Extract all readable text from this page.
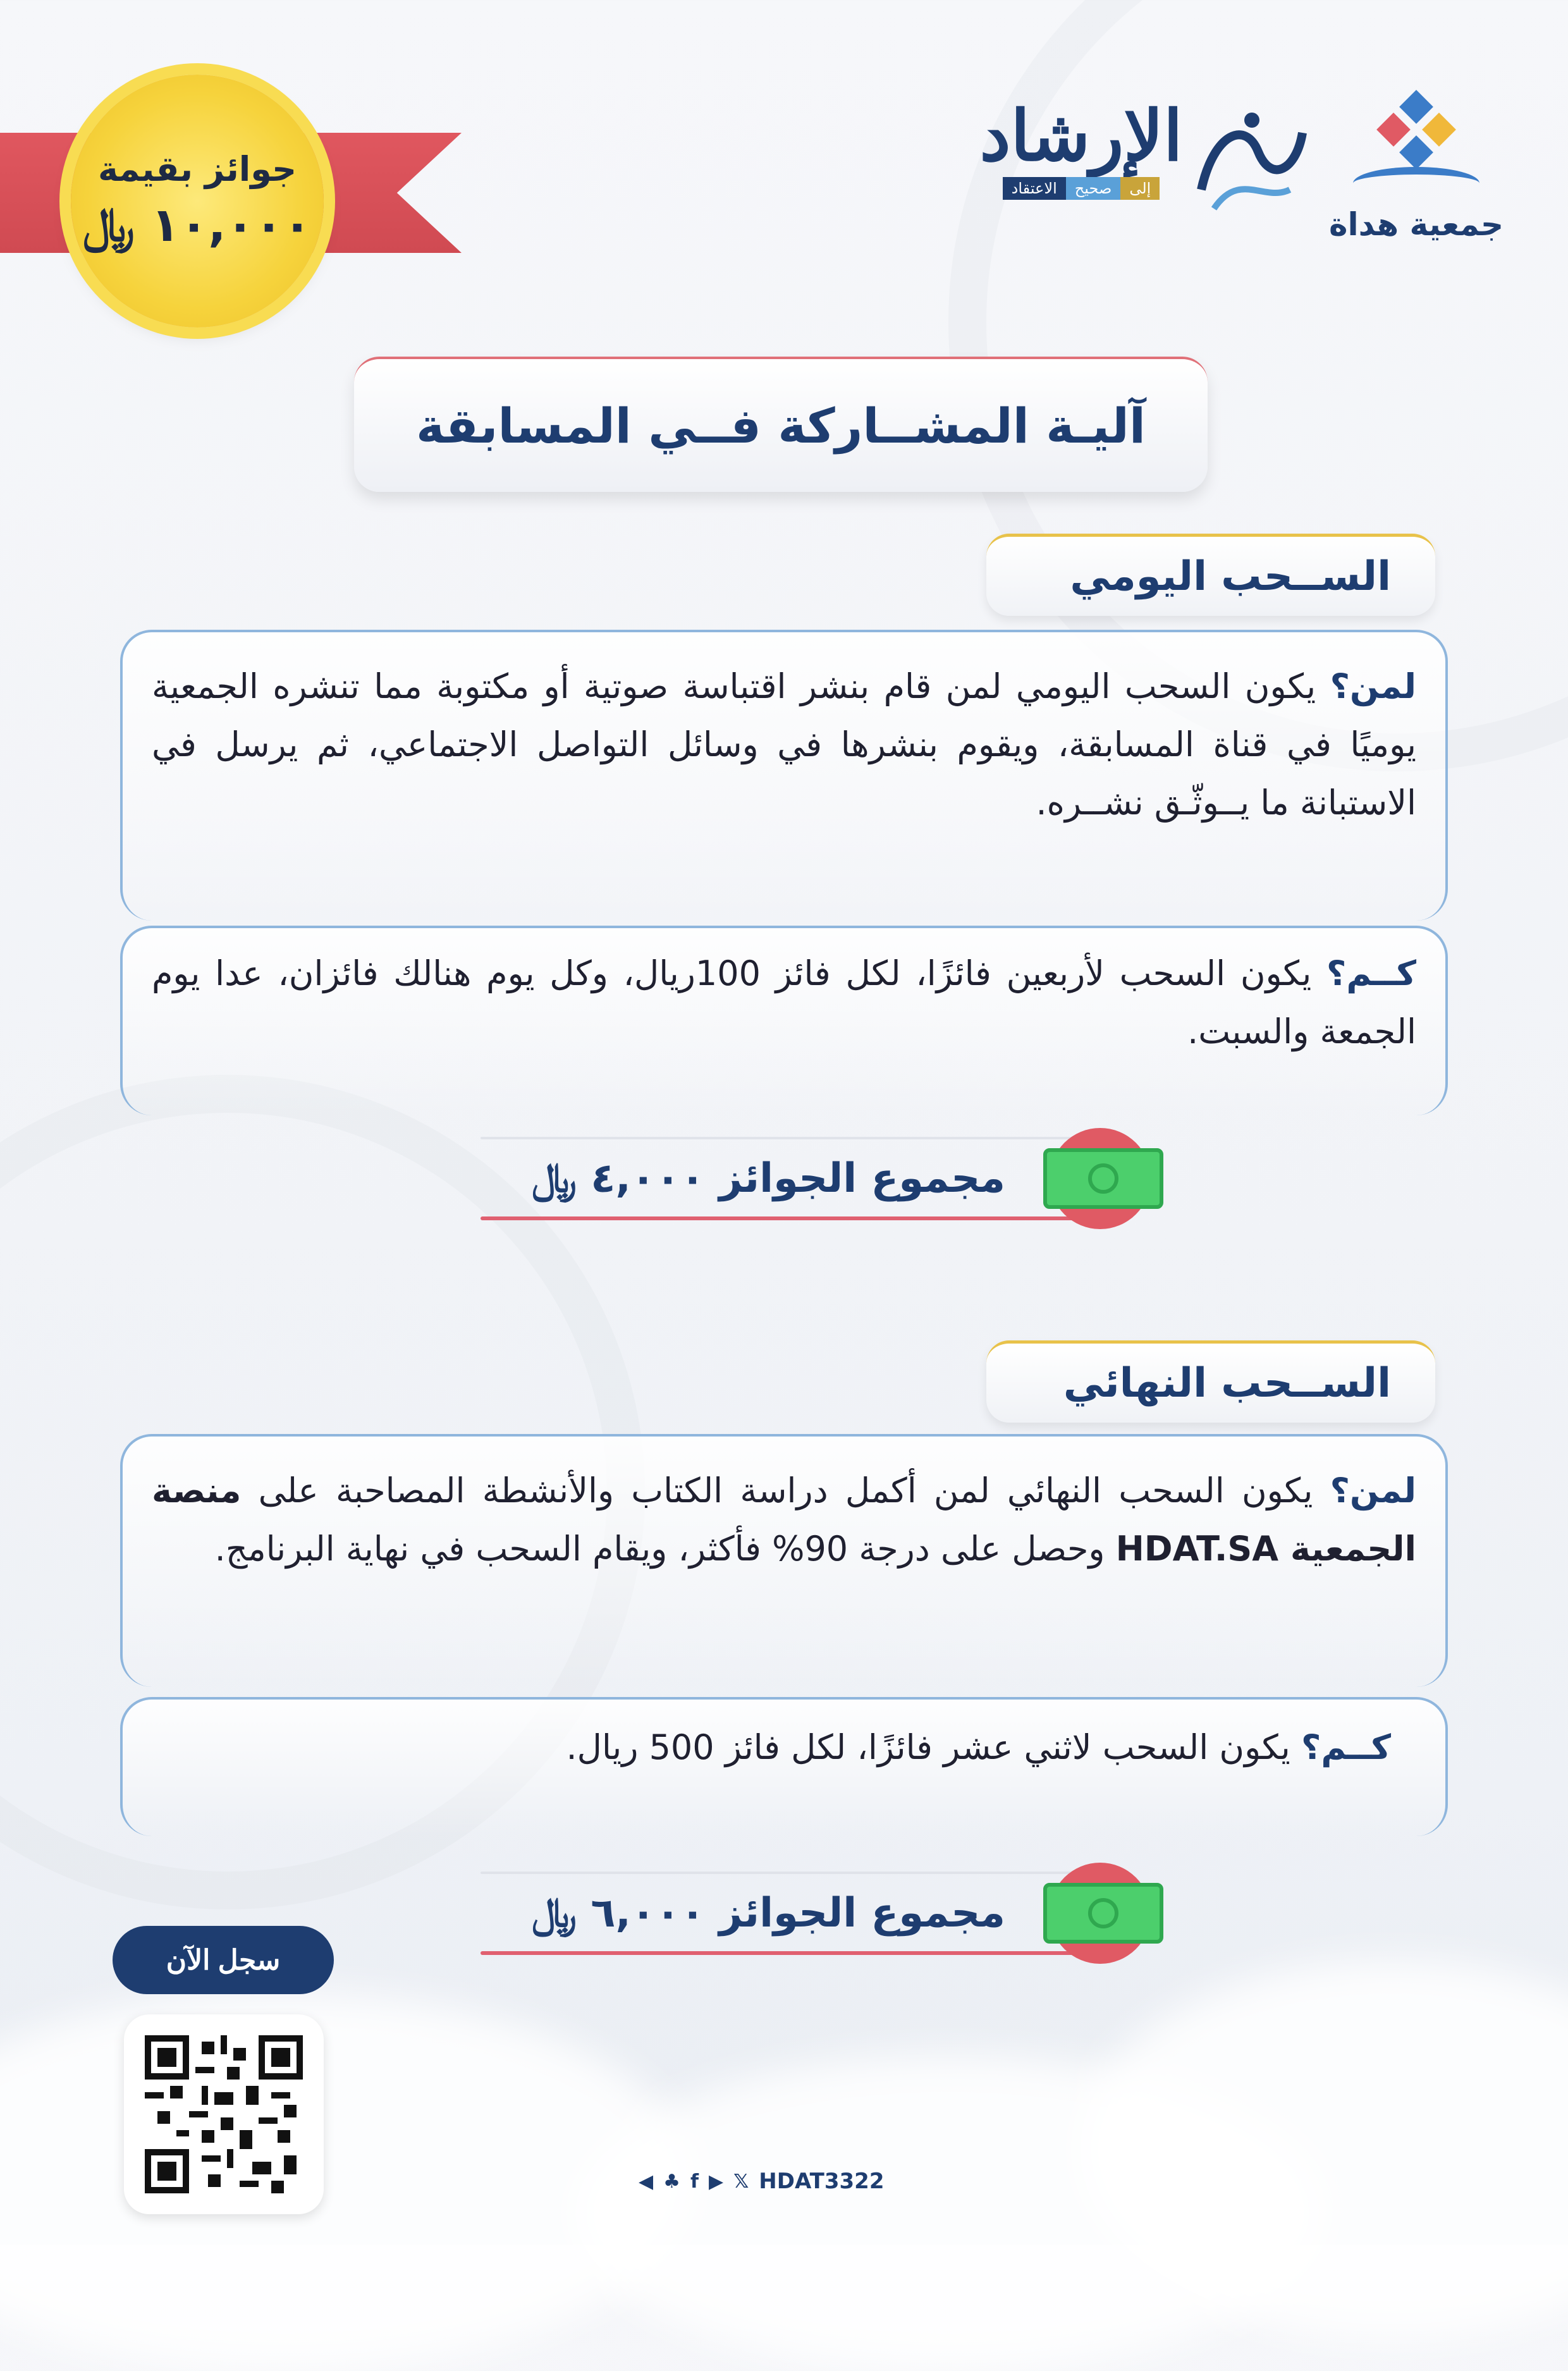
جوائز بقيمة
١٠,٠٠٠ ﷼	جمعية هداة
الإرشاد
الاعتقاد	صحيح	إلى
آليـة المشــاركة فــي المسابقة
الســحب اليومي

لمن؟ يكون السحب اليومي لمن قام بنشر اقتباسة صوتية أو مكتوبة مما تنشره الجمعية يوميًا في قناة المسابقة، ويقوم بنشرها في وسائل التواصل الاجتماعي، ثم يرسل في الاستبانة ما يــوثّـق نشــره.

كــم؟ يكون السحب لأربعين فائزًا، لكل فائز 100ريال، وكل يوم هنالك فائزان، عدا يوم الجمعة والسبت.

مجموع الجوائز ٤,٠٠٠ ﷼
الســحب النهائي

لمن؟ يكون السحب النهائي لمن أكمل دراسة الكتاب والأنشطة المصاحبة على منصة الجمعية HDAT.SA وحصل على درجة 90% فأكثر، ويقام السحب في نهاية البرنامج.

كــم؟ يكون السحب لاثني عشر فائزًا، لكل فائز 500 ريال.

مجموع الجوائز ٦,٠٠٠ ﷼
سجل الآن
◀ ♣ f ▶ 𝕏 HDAT3322
